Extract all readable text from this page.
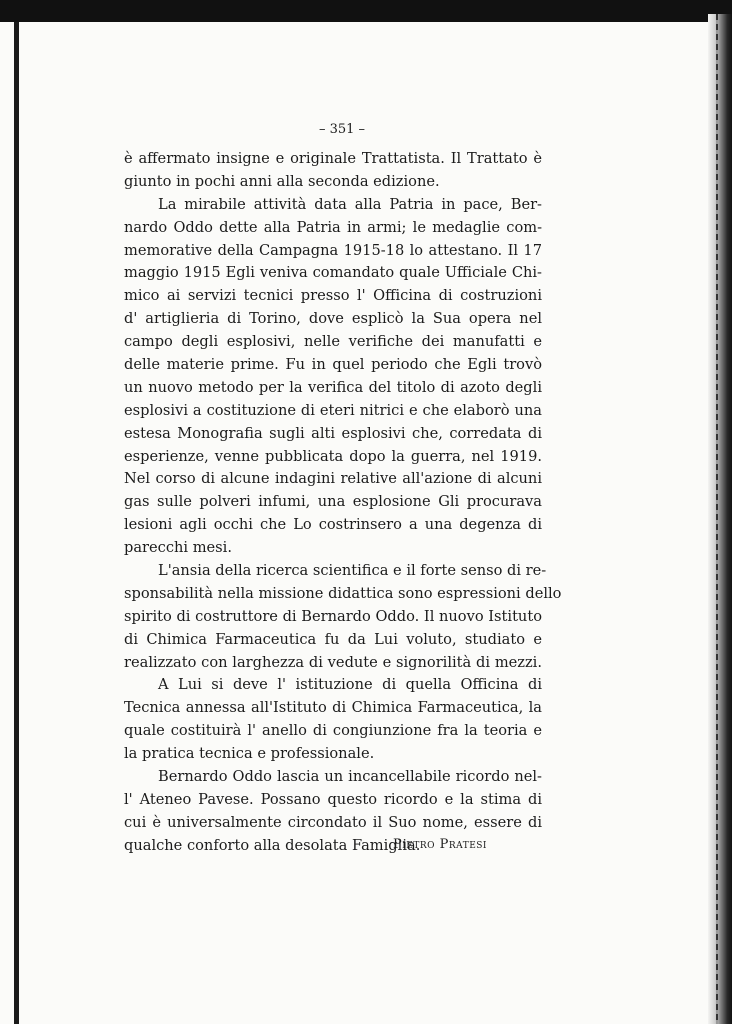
– 351 –
è affermato insigne e originale Trattatista. Il Trattato è
giunto in pochi anni alla seconda edizione.
La mirabile attività data alla Patria in pace, Ber-
nardo Oddo dette alla Patria in armi; le medaglie com-
memorative della Campagna 1915-18 lo attestano. Il 17
maggio 1915 Egli veniva comandato quale Ufficiale Chi-
mico ai servizi tecnici presso l' Officina di costruzioni
d' artiglieria di Torino, dove esplicò la Sua opera nel
campo degli esplosivi, nelle verifiche dei manufatti e
delle materie prime. Fu in quel periodo che Egli trovò
un nuovo metodo per la verifica del titolo di azoto degli
esplosivi a costituzione di eteri nitrici e che elaborò una
estesa Monografia sugli alti esplosivi che, corredata di
esperienze, venne pubblicata dopo la guerra, nel 1919.
Nel corso di alcune indagini relative all'azione di alcuni
gas sulle polveri infumi, una esplosione Gli procurava
lesioni agli occhi che Lo costrinsero a una degenza di
parecchi mesi.
L'ansia della ricerca scientifica e il forte senso di re-
sponsabilità nella missione didattica sono espressioni dello
spirito di costruttore di Bernardo Oddo. Il nuovo Istituto
di Chimica Farmaceutica fu da Lui voluto, studiato e
realizzato con larghezza di vedute e signorilità di mezzi.
A Lui si deve l' istituzione di quella Officina di
Tecnica annessa all'Istituto di Chimica Farmaceutica, la
quale costituirà l' anello di congiunzione fra la teoria e
la pratica tecnica e professionale.
Bernardo Oddo lascia un incancellabile ricordo nel-
l' Ateneo Pavese. Possano questo ricordo e la stima di
cui è universalmente circondato il Suo nome, essere di
qualche conforto alla desolata Famiglia.
Pietro Pratesi
